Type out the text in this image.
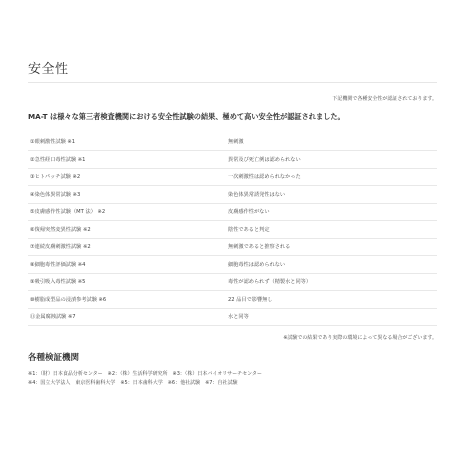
安全性
下記機関で各種安全性が認証されております。

MA-T は様々な第三者検査機関における安全性試験の結果、極めて高い安全性が認証されました。

①眼刺激性試験 ※1	無刺激
②急性経口毒性試験 ※1	異常及び死亡例は認められない
③ヒトパッチ試験 ※2	一次刺激性は認められなかった
④染色体異常試験 ※3	染色体異常誘発性はない
⑤皮膚感作性試験（MT 法） ※2	皮膚感作性がない
⑥復帰突然変異性試験 ※2	陰性であると判定
⑦連続皮膚刺激性試験 ※2	無刺激であると推察される
⑧細胞毒性評価試験 ※4	細胞毒性は認められない
⑨吸引吸入毒性試験 ※5	毒性が認められず（精製水と同等）
⑩樹脂成型品の浸漬参考試験 ※6	22 品目で影響無し
⑪金属腐蝕試験 ※7	水と同等
※試験での結果であり実際の環境によって異なる場合がございます。
各種検証機関
※1：（財）日本食品分析センター　※2：（株）生活科学研究所　※3：（株）日本バイオリサーチセンター
※4：国立大学法人　東京医科歯科大学　※5：日本歯科大学　※6：他社試験　※7：自社試験
